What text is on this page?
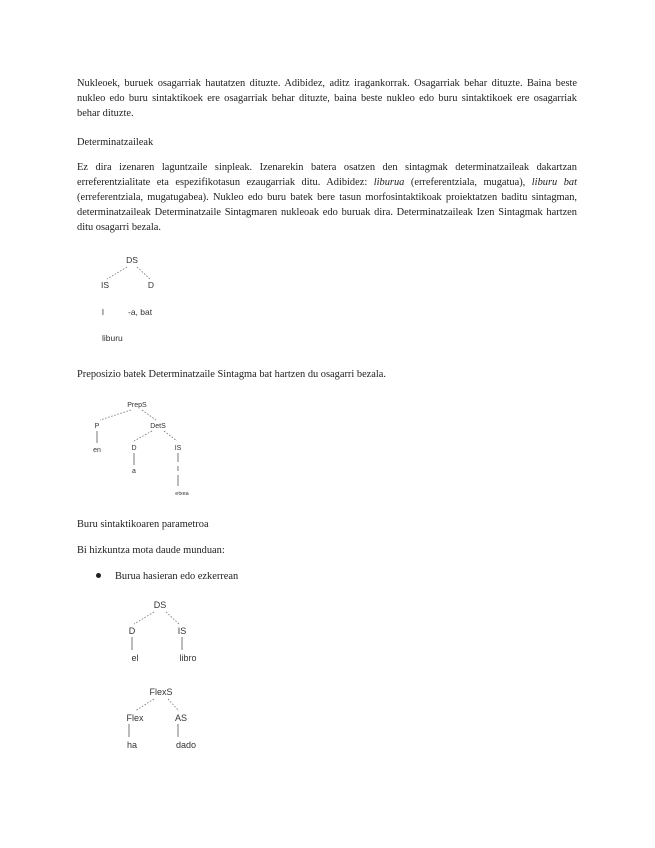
Nukleoek, buruek osagarriak hautatzen dituzte. Adibidez, aditz iragankorrak. Osagarriak behar dituzte. Baina beste nukleo edo buru sintaktikoek ere osagarriak behar dituzte, baina beste nukleo edo buru sintaktikoek ere osagarriak behar dituzte.

Determinatzaileak

Ez dira izenaren laguntzaile sinpleak. Izenarekin batera osatzen den sintagmak determinatzaileak dakartzan erreferentzialitate eta espezifikotasun ezaugarriak ditu. Adibidez: liburua (erreferentziala, mugatua), liburu bat (erreferentziala, mugatugabea). Nukleo edo buru batek bere tasun morfosintaktikoak proiektatzen baditu sintagman, determinatzaileak Determinatzaile Sintagmaren nukleoak edo buruak dira. Determinatzaileak Izen Sintagmak hartzen ditu osagarri bezala.

DS
IS	D
l	-a, bat
liburu

Preposizio batek Determinatzaile Sintagma bat hartzen du osagarri bezala.

PrepS
P	DetS
en	D	IS
a	I
etxea

Buru sintaktikoaren parametroa

Bi hizkuntza mota daude munduan:

Burua hasieran edo ezkerrean

DS
D	IS
el	libro
FlexS
Flex	AS
ha	dado
